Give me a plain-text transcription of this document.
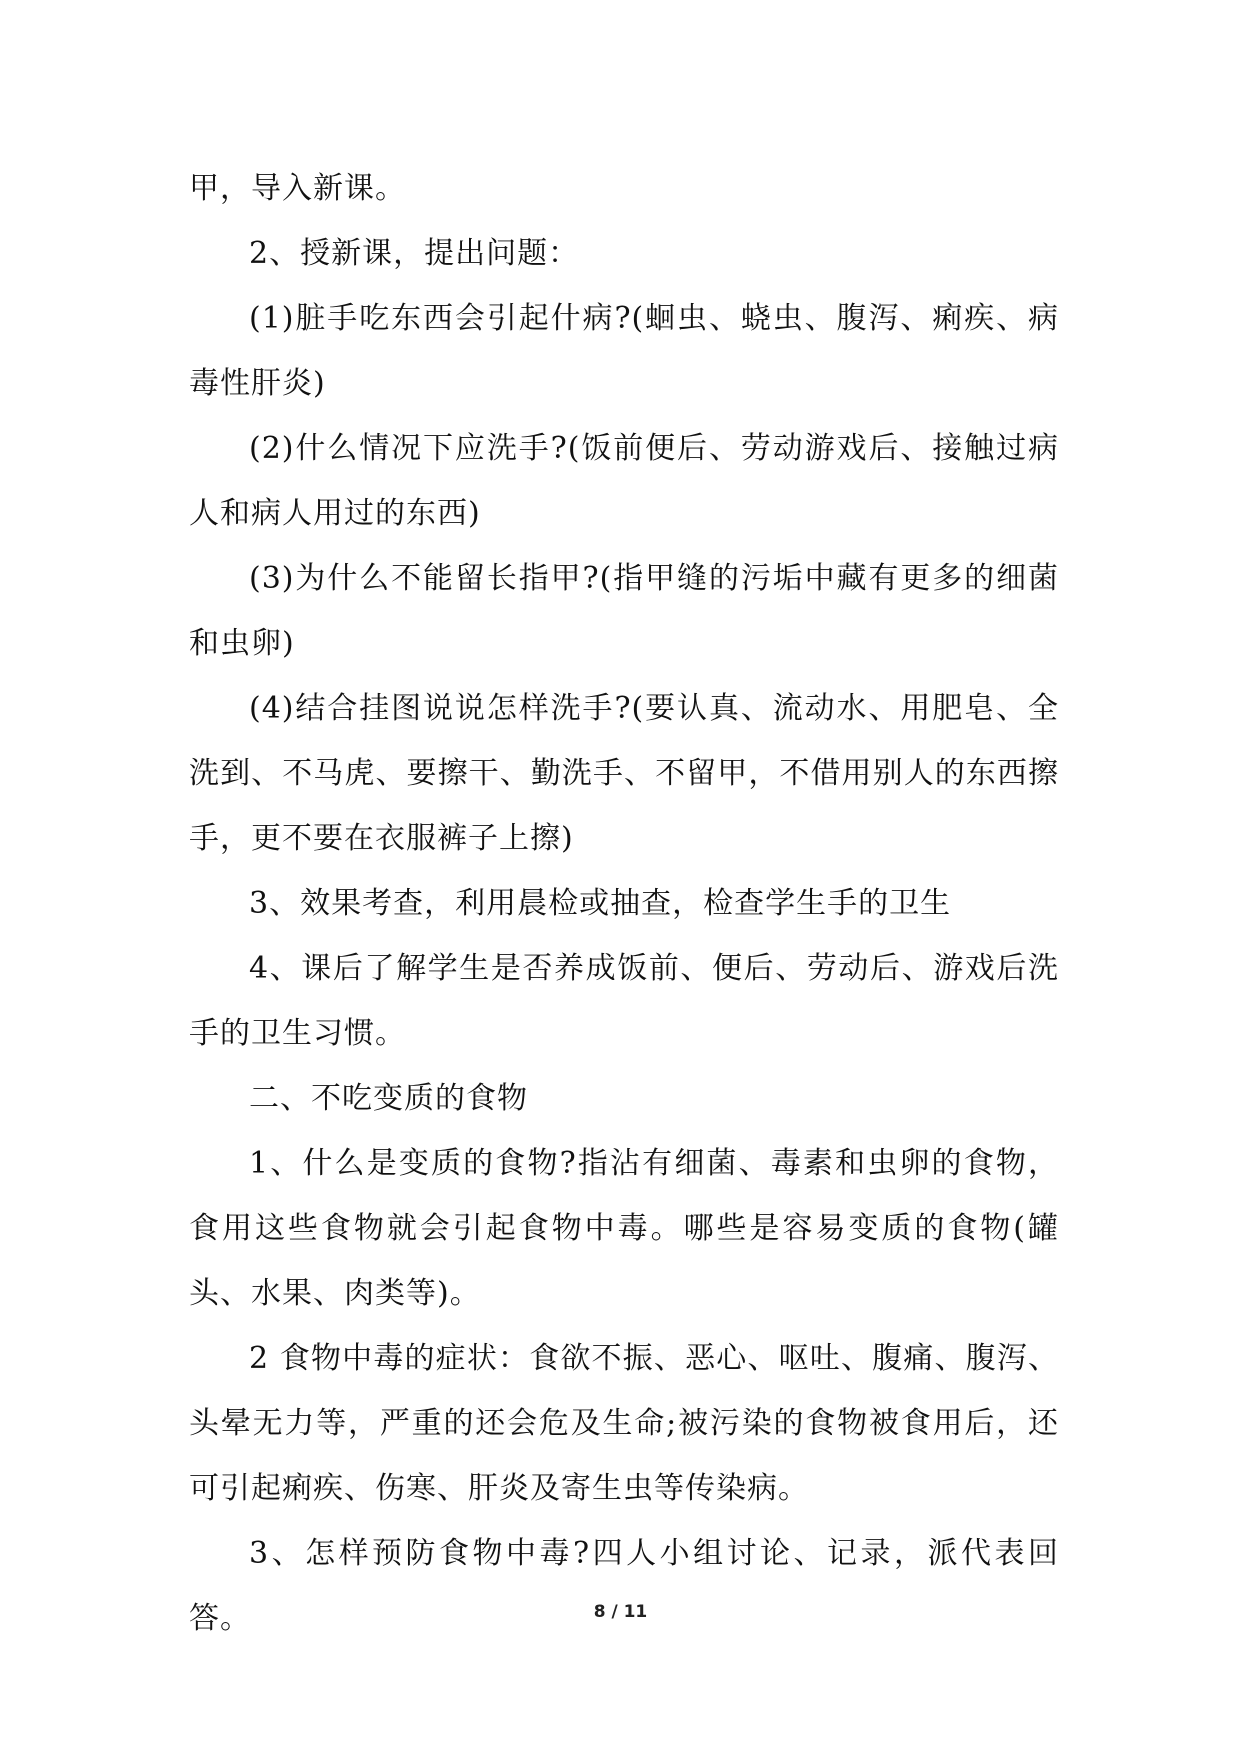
甲，导入新课。

2、授新课，提出问题：

(1)脏手吃东西会引起什病?(蛔虫、蛲虫、腹泻、痢疾、病毒性肝炎)

(2)什么情况下应洗手?(饭前便后、劳动游戏后、接触过病人和病人用过的东西)

(3)为什么不能留长指甲?(指甲缝的污垢中藏有更多的细菌和虫卵)

(4)结合挂图说说怎样洗手?(要认真、流动水、用肥皂、全洗到、不马虎、要擦干、勤洗手、不留甲，不借用别人的东西擦手，更不要在衣服裤子上擦)

3、效果考查，利用晨检或抽查，检查学生手的卫生

4、课后了解学生是否养成饭前、便后、劳动后、游戏后洗手的卫生习惯。

二、不吃变质的食物

1、什么是变质的食物?指沾有细菌、毒素和虫卵的食物，食用这些食物就会引起食物中毒。哪些是容易变质的食物(罐头、水果、肉类等)。

2 食物中毒的症状：食欲不振、恶心、呕吐、腹痛、腹泻、头晕无力等，严重的还会危及生命;被污染的食物被食用后，还可引起痢疾、伤寒、肝炎及寄生虫等传染病。

3、怎样预防食物中毒?四人小组讨论、记录，派代表回答。	8 / 11
